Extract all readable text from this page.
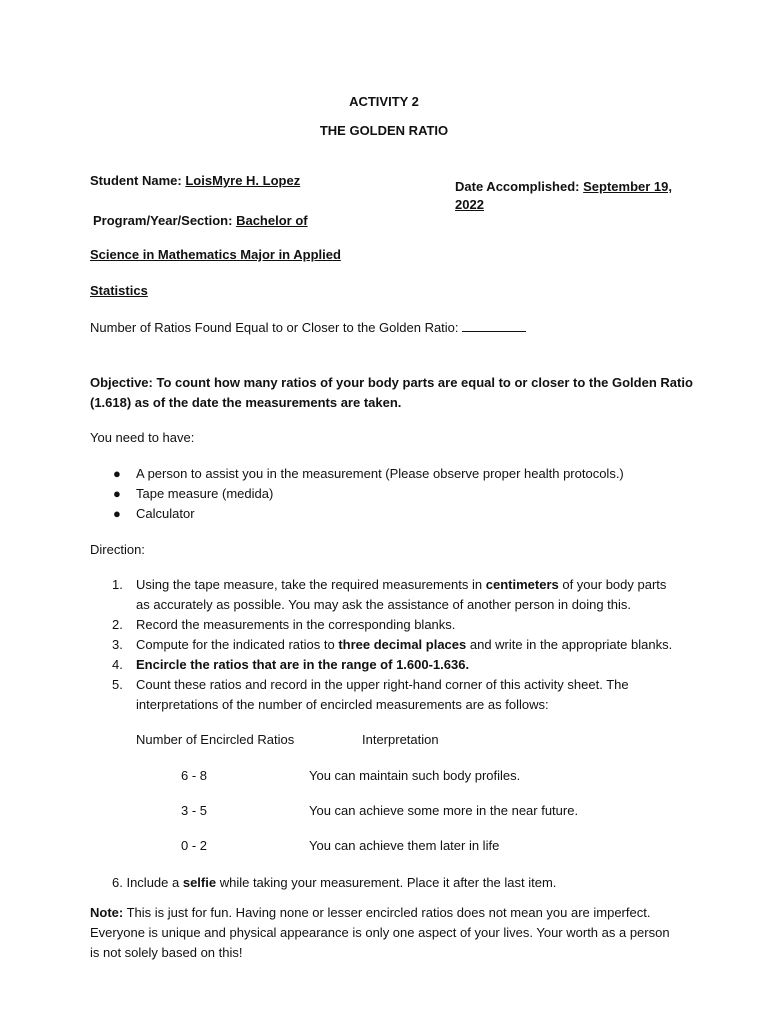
ACTIVITY 2
THE GOLDEN RATIO
Student Name: LoisMyre H. Lopez	Date Accomplished: September 19,
2022
Program/Year/Section: Bachelor of
Science in Mathematics Major in Applied
Statistics
Number of Ratios Found Equal to or Closer to the Golden Ratio:
Objective: To count how many ratios of your body parts are equal to or closer to the Golden Ratio
(1.618) as of the date the measurements are taken.
You need to have:
● A person to assist you in the measurement (Please observe proper health protocols.)
● Tape measure (medida)
● Calculator
Direction:
1. Using the tape measure, take the required measurements in centimeters of your body parts as accurately as possible. You may ask the assistance of another person in doing this.
2. Record the measurements in the corresponding blanks.
3. Compute for the indicated ratios to three decimal places and write in the appropriate blanks.
4. Encircle the ratios that are in the range of 1.600-1.636.
5. Count these ratios and record in the upper right-hand corner of this activity sheet. The interpretations of the number of encircled measurements are as follows:
Number of Encircled Ratios	Interpretation
6 - 8	You can maintain such body profiles.
3 - 5	You can achieve some more in the near future.
0 - 2	You can achieve them later in life
6. Include a selfie while taking your measurement. Place it after the last item.
Note: This is just for fun. Having none or lesser encircled ratios does not mean you are imperfect. Everyone is unique and physical appearance is only one aspect of your lives. Your worth as a person is not solely based on this!
